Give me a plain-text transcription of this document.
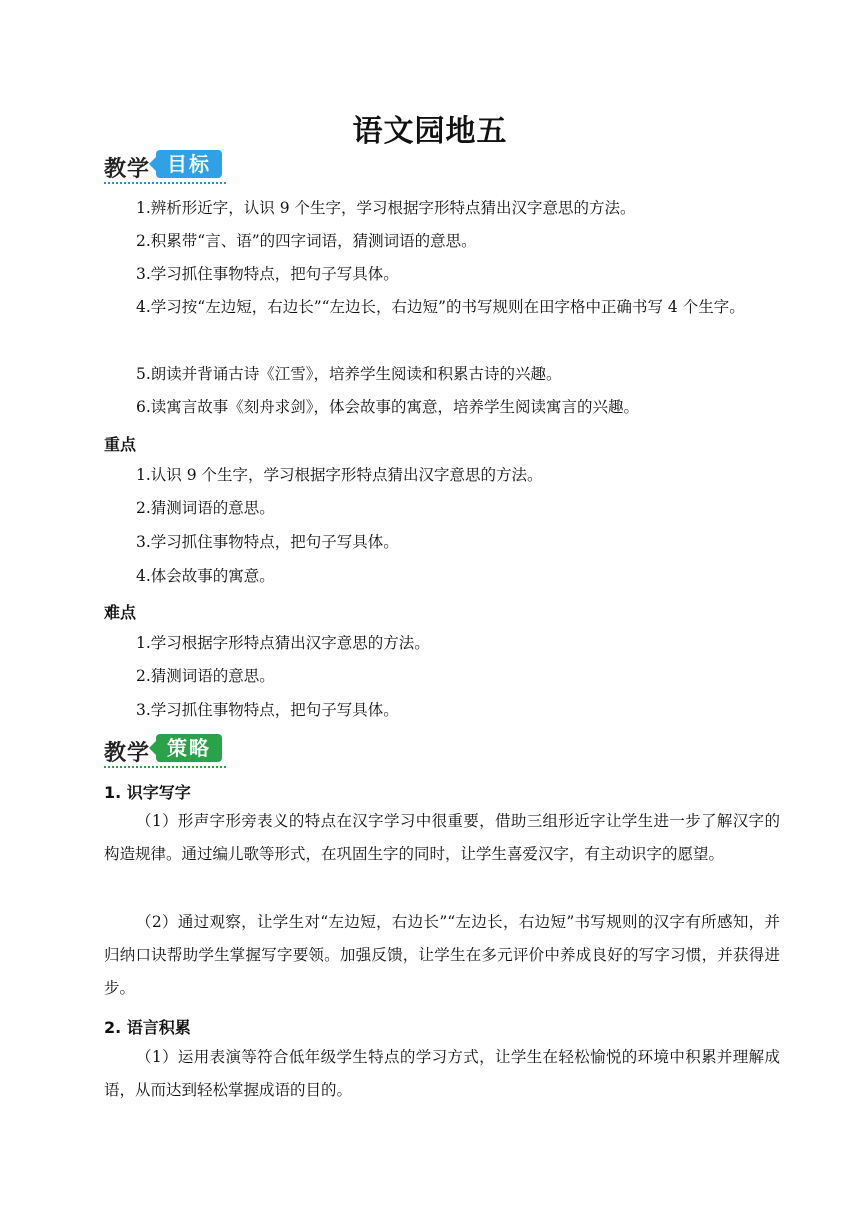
语文园地五
教学 目标
1.辨析形近字，认识 9 个生字，学习根据字形特点猜出汉字意思的方法。
2.积累带“言、语”的四字词语，猜测词语的意思。
3.学习抓住事物特点，把句子写具体。
4.学习按“左边短，右边长”“左边长，右边短”的书写规则在田字格中正确书写 4 个生字。
5.朗读并背诵古诗《江雪》，培养学生阅读和积累古诗的兴趣。
6.读寓言故事《刻舟求剑》，体会故事的寓意，培养学生阅读寓言的兴趣。
重点
1.认识 9 个生字，学习根据字形特点猜出汉字意思的方法。
2.猜测词语的意思。
3.学习抓住事物特点，把句子写具体。
4.体会故事的寓意。
难点
1.学习根据字形特点猜出汉字意思的方法。
2.猜测词语的意思。
3.学习抓住事物特点，把句子写具体。
教学 策略
1. 识字写字
（1）形声字形旁表义的特点在汉字学习中很重要，借助三组形近字让学生进一步了解汉字的构造规律。通过编儿歌等形式，在巩固生字的同时，让学生喜爱汉字，有主动识字的愿望。
（2）通过观察，让学生对“左边短，右边长”“左边长，右边短”书写规则的汉字有所感知，并归纳口诀帮助学生掌握写字要领。加强反馈，让学生在多元评价中养成良好的写字习惯，并获得进步。
2. 语言积累
（1）运用表演等符合低年级学生特点的学习方式，让学生在轻松愉悦的环境中积累并理解成语，从而达到轻松掌握成语的目的。
